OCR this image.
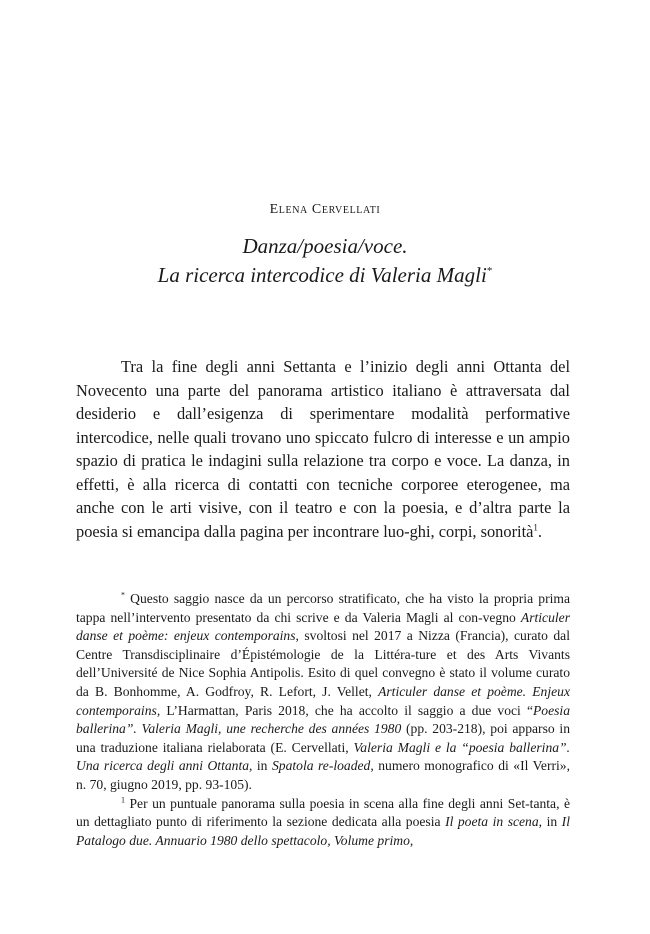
Elena Cervellati
Danza/poesia/voce.
La ricerca intercodice di Valeria Magli*

Tra la fine degli anni Settanta e l’inizio degli anni Ottanta del Novecento una parte del panorama artistico italiano è attraversata dal desiderio e dall’esigenza di sperimentare modalità performative intercodice, nelle quali trovano uno spiccato fulcro di interesse e un ampio spazio di pratica le indagini sulla relazione tra corpo e voce. La danza, in effetti, è alla ricerca di contatti con tecniche corporee eterogenee, ma anche con le arti visive, con il teatro e con la poesia, e d’altra parte la poesia si emancipa dalla pagina per incontrare luo-ghi, corpi, sonorità$^1$.

* Questo saggio nasce da un percorso stratificato, che ha visto la propria prima tappa nell’intervento presentato da chi scrive e da Valeria Magli al con-vegno Articuler danse et poème: enjeux contemporains, svoltosi nel 2017 a Nizza (Francia), curato dal Centre Transdisciplinaire d’Épistémologie de la Littéra-ture et des Arts Vivants dell’Université de Nice Sophia Antipolis. Esito di quel convegno è stato il volume curato da B. Bonhomme, A. Godfroy, R. Lefort, J. Vellet, Articuler danse et poème. Enjeux contemporains, L’Harmattan, Paris 2018, che ha accolto il saggio a due voci “Poesia ballerina”. Valeria Magli, une recherche des années 1980 (pp. 203-218), poi apparso in una traduzione italiana rielaborata (E. Cervellati, Valeria Magli e la “poesia ballerina”. Una ricerca degli anni Ottanta, in Spatola re-loaded, numero monografico di «Il Verri», n. 70, giugno 2019, pp. 93-105).

$^1$ Per un puntuale panorama sulla poesia in scena alla fine degli anni Set-tanta, è un dettagliato punto di riferimento la sezione dedicata alla poesia Il poeta in scena, in Il Patalogo due. Annuario 1980 dello spettacolo, Volume primo,
